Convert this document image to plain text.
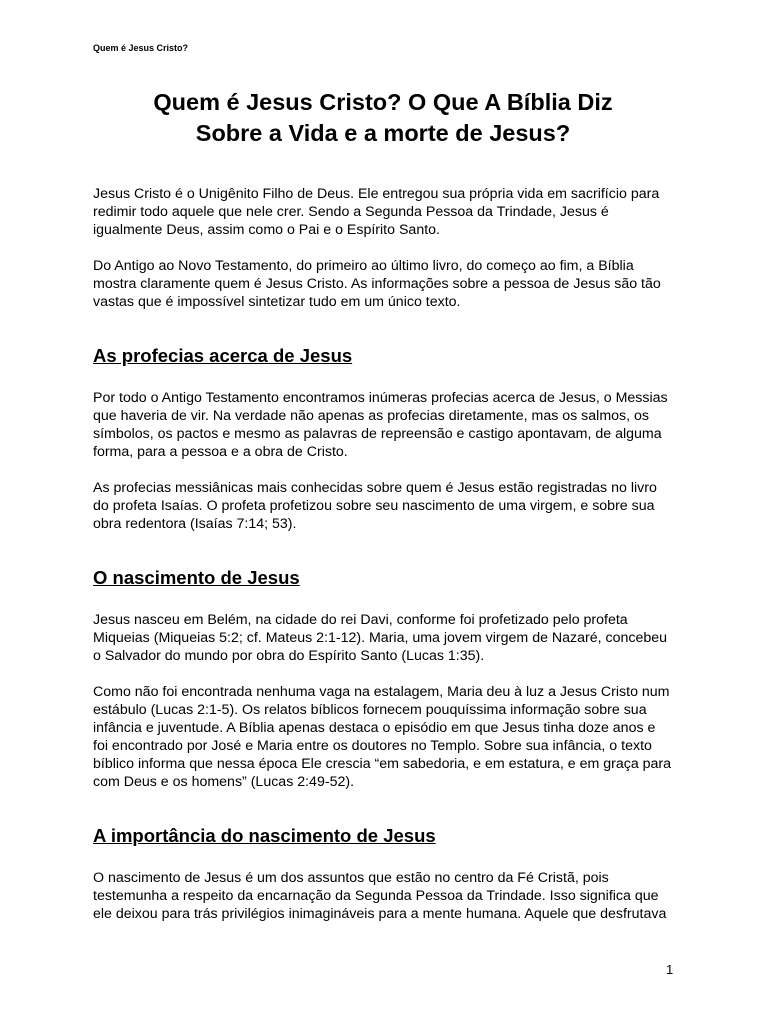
Quem é Jesus Cristo?
Quem é Jesus Cristo? O Que A Bíblia Diz
Sobre a Vida e a morte de Jesus?

Jesus Cristo é o Unigênito Filho de Deus. Ele entregou sua própria vida em sacrifício para redimir todo aquele que nele crer. Sendo a Segunda Pessoa da Trindade, Jesus é igualmente Deus, assim como o Pai e o Espírito Santo.

Do Antigo ao Novo Testamento, do primeiro ao último livro, do começo ao fim, a Bíblia mostra claramente quem é Jesus Cristo. As informações sobre a pessoa de Jesus são tão vastas que é impossível sintetizar tudo em um único texto.

As profecias acerca de Jesus

Por todo o Antigo Testamento encontramos inúmeras profecias acerca de Jesus, o Messias que haveria de vir. Na verdade não apenas as profecias diretamente, mas os salmos, os símbolos, os pactos e mesmo as palavras de repreensão e castigo apontavam, de alguma forma, para a pessoa e a obra de Cristo.

As profecias messiânicas mais conhecidas sobre quem é Jesus estão registradas no livro do profeta Isaías. O profeta profetizou sobre seu nascimento de uma virgem, e sobre sua obra redentora (Isaías 7:14; 53).

O nascimento de Jesus

Jesus nasceu em Belém, na cidade do rei Davi, conforme foi profetizado pelo profeta Miqueias (Miqueias 5:2; cf. Mateus 2:1-12). Maria, uma jovem virgem de Nazaré, concebeu o Salvador do mundo por obra do Espírito Santo (Lucas 1:35).

Como não foi encontrada nenhuma vaga na estalagem, Maria deu à luz a Jesus Cristo num estábulo (Lucas 2:1-5). Os relatos bíblicos fornecem pouquíssima informação sobre sua infância e juventude. A Bíblia apenas destaca o episódio em que Jesus tinha doze anos e foi encontrado por José e Maria entre os doutores no Templo. Sobre sua infância, o texto bíblico informa que nessa época Ele crescia “em sabedoria, e em estatura, e em graça para com Deus e os homens” (Lucas 2:49-52).

A importância do nascimento de Jesus

O nascimento de Jesus é um dos assuntos que estão no centro da Fé Cristã, pois testemunha a respeito da encarnação da Segunda Pessoa da Trindade. Isso significa que ele deixou para trás privilégios inimagináveis para a mente humana. Aquele que desfrutava

1
